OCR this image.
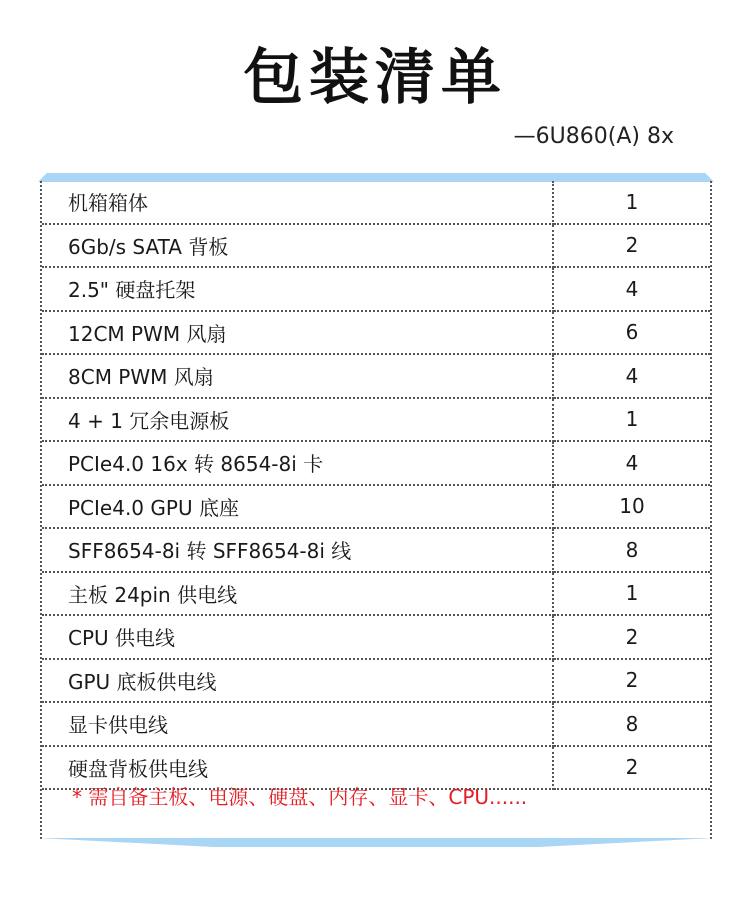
包装清单
—6U860(A) 8x
机箱箱体	1
6Gb/s SATA 背板	2
2.5" 硬盘托架	4
12CM PWM 风扇	6
8CM PWM 风扇	4
4 + 1 冗余电源板	1
PCIe4.0 16x 转 8654-8i 卡	4
PCIe4.0 GPU 底座	10
SFF8654-8i 转 SFF8654-8i 线	8
主板 24pin 供电线	1
CPU 供电线	2
GPU 底板供电线	2
显卡供电线	8
硬盘背板供电线	2
* 需自备主板、电源、硬盘、内存、显卡、CPU......
